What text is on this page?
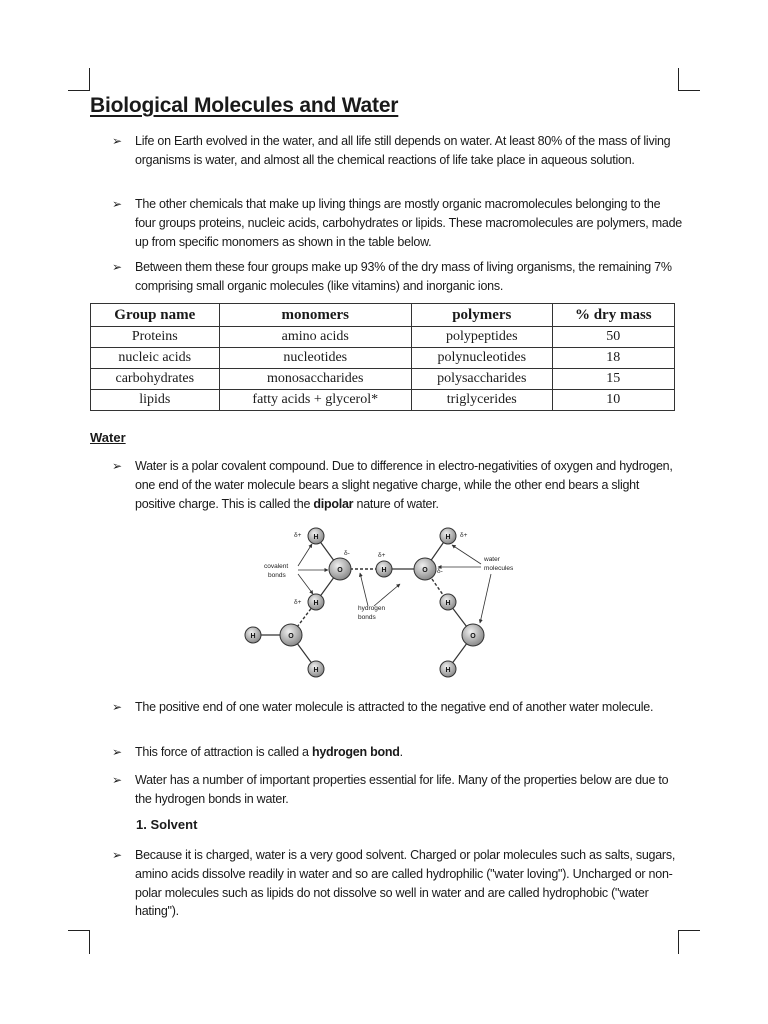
Biological Molecules and Water
➢ Life on Earth evolved in the water, and all life still depends on water. At least 80% of the mass of living organisms is water, and almost all the chemical reactions of life take place in aqueous solution.
➢ The other chemicals that make up living things are mostly organic macromolecules belonging to the four groups proteins, nucleic acids, carbohydrates or lipids. These macromolecules are polymers, made up from specific monomers as shown in the table below.
➢ Between them these four groups make up 93% of the dry mass of living organisms, the remaining 7% comprising small organic molecules (like vitamins) and inorganic ions.
Group name	monomers	polymers	% dry mass
Proteins	amino acids	polypeptides	50
nucleic acids	nucleotides	polynucleotides	18
carbohydrates	monosaccharides	polysaccharides	15
lipids	fatty acids + glycerol*	triglycerides	10
Water
➢ Water is a polar covalent compound. Due to difference in electro-negativities of oxygen and hydrogen, one end of the water molecule bears a slight negative charge, while the other end bears a slight positive charge. This is called the dipolar nature of water.
H
O
H
H
O
H
H	O
H
H
O
H
δ+
δ-	δ+
δ-
δ+
δ+
covalent
bonds
hydrogen
bonds
water
molecules
➢ The positive end of one water molecule is attracted to the negative end of another water molecule.
➢ This force of attraction is called a hydrogen bond.
➢ Water has a number of important properties essential for life. Many of the properties below are due to the hydrogen bonds in water.
1. Solvent
➢ Because it is charged, water is a very good solvent. Charged or polar molecules such as salts, sugars, amino acids dissolve readily in water and so are called hydrophilic ("water loving"). Uncharged or non-polar molecules such as lipids do not dissolve so well in water and are called hydrophobic ("water hating").
